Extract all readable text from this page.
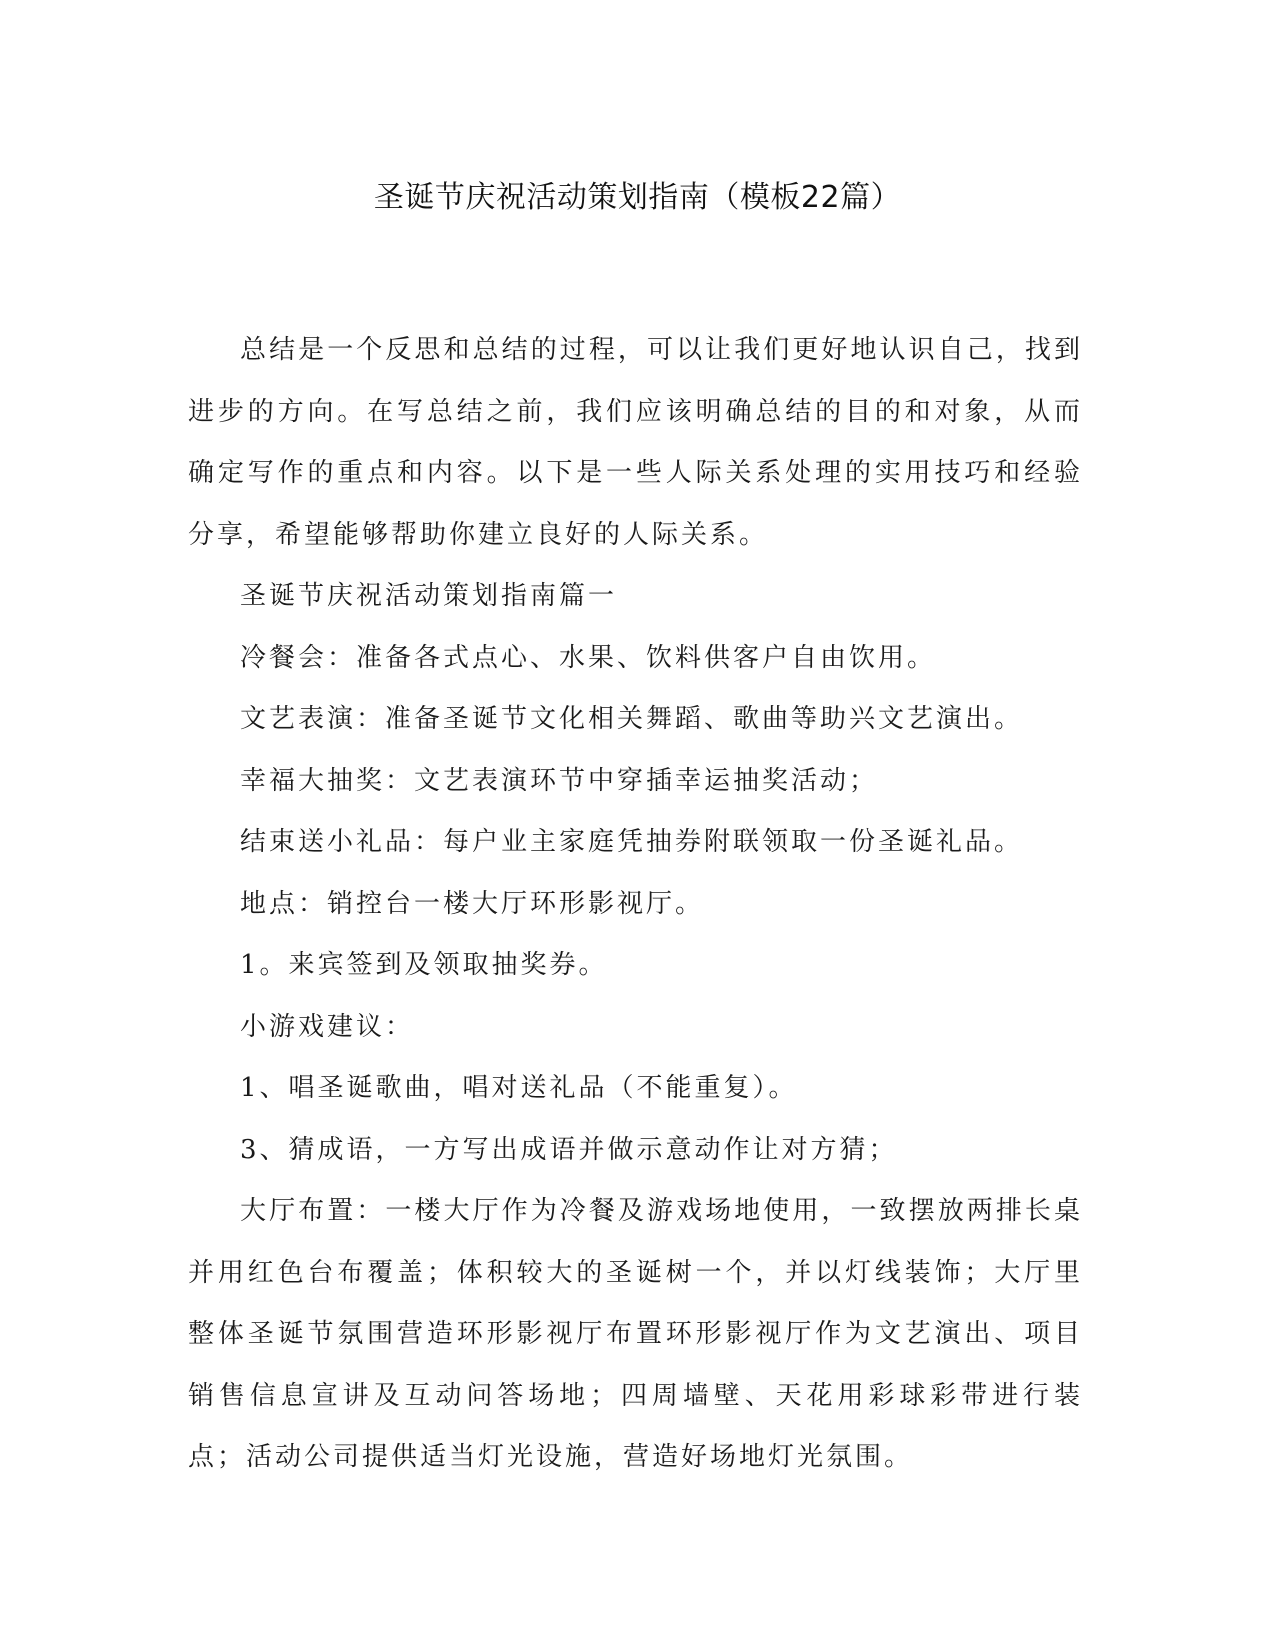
圣诞节庆祝活动策划指南（模板22篇）

总结是一个反思和总结的过程，可以让我们更好地认识自己，找到进步的方向。在写总结之前，我们应该明确总结的目的和对象，从而确定写作的重点和内容。以下是一些人际关系处理的实用技巧和经验分享，希望能够帮助你建立良好的人际关系。

圣诞节庆祝活动策划指南篇一

冷餐会：准备各式点心、水果、饮料供客户自由饮用。

文艺表演：准备圣诞节文化相关舞蹈、歌曲等助兴文艺演出。

幸福大抽奖：文艺表演环节中穿插幸运抽奖活动；

结束送小礼品：每户业主家庭凭抽券附联领取一份圣诞礼品。

地点：销控台一楼大厅环形影视厅。

1。来宾签到及领取抽奖券。

小游戏建议：

1、唱圣诞歌曲，唱对送礼品（不能重复）。

3、猜成语，一方写出成语并做示意动作让对方猜；

大厅布置：一楼大厅作为冷餐及游戏场地使用，一致摆放两排长桌并用红色台布覆盖；体积较大的圣诞树一个，并以灯线装饰；大厅里整体圣诞节氛围营造环形影视厅布置环形影视厅作为文艺演出、项目销售信息宣讲及互动问答场地；四周墙壁、天花用彩球彩带进行装点；活动公司提供适当灯光设施，营造好场地灯光氛围。
